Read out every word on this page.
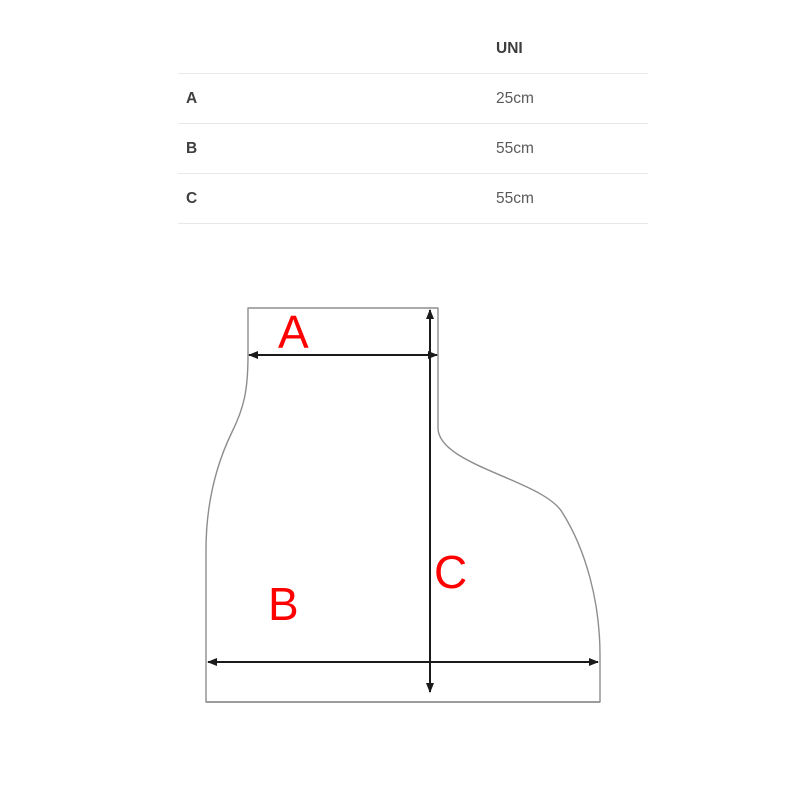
	UNI
A	25cm
B	55cm
C	55cm
A
B
C
